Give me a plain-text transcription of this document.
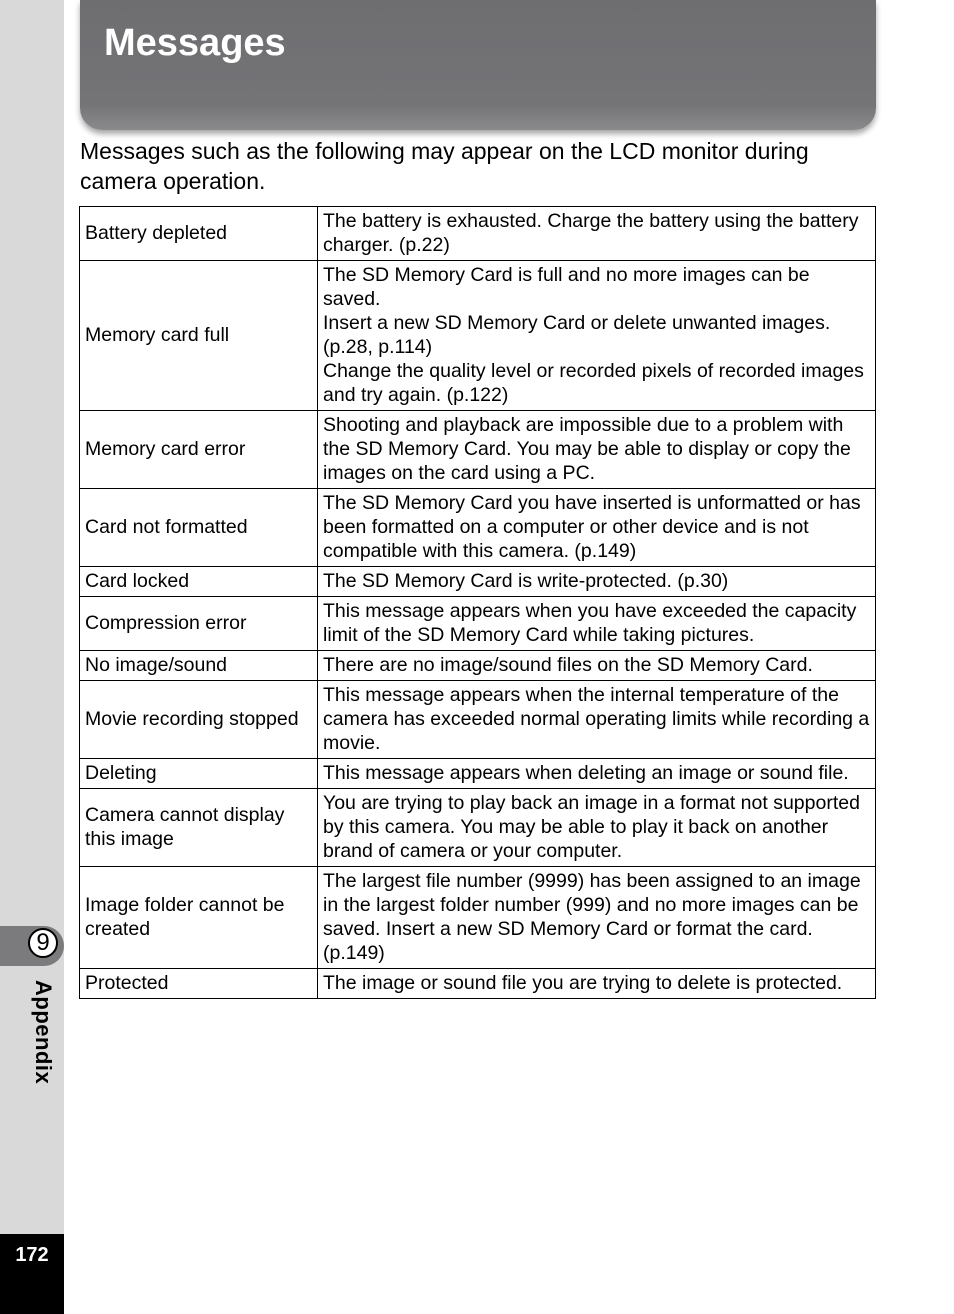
9
Appendix
172
Messages

Messages such as the following may appear on the LCD monitor during camera operation.

Battery depleted	The battery is exhausted. Charge the battery using the battery charger. (p.22)
Memory card full	The SD Memory Card is full and no more images can be saved.
Insert a new SD Memory Card or delete unwanted images. (p.28, p.114)
Change the quality level or recorded pixels of recorded images and try again. (p.122)
Memory card error	Shooting and playback are impossible due to a problem with the SD Memory Card. You may be able to display or copy the images on the card using a PC.
Card not formatted	The SD Memory Card you have inserted is unformatted or has been formatted on a computer or other device and is not compatible with this camera. (p.149)
Card locked	The SD Memory Card is write-protected. (p.30)
Compression error	This message appears when you have exceeded the capacity limit of the SD Memory Card while taking pictures.
No image/sound	There are no image/sound files on the SD Memory Card.
Movie recording stopped	This message appears when the internal temperature of the camera has exceeded normal operating limits while recording a movie.
Deleting	This message appears when deleting an image or sound file.
Camera cannot display this image	You are trying to play back an image in a format not supported by this camera. You may be able to play it back on another brand of camera or your computer.
Image folder cannot be created	The largest file number (9999) has been assigned to an image in the largest folder number (999) and no more images can be saved. Insert a new SD Memory Card or format the card. (p.149)
Protected	The image or sound file you are trying to delete is protected.
